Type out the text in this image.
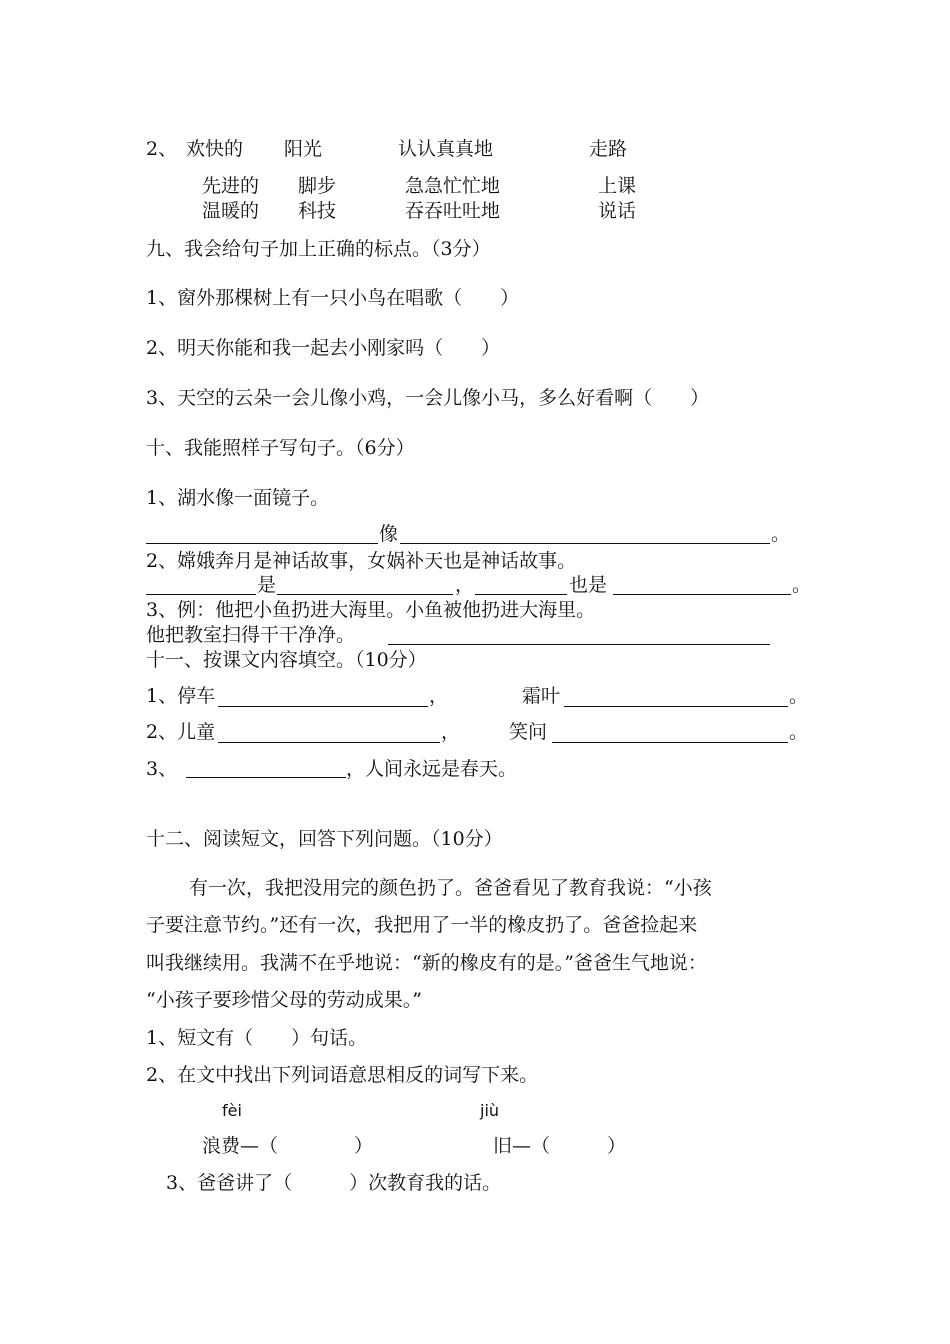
2、 欢快的 阳光	认认真真地	走路
先进的 脚步	急急忙忙地	上课
温暖的 科技	吞吞吐吐地	说话
九、我会给句子加上正确的标点。（3分）
1、窗外那棵树上有一只小鸟在唱歌（　　）
2、明天你能和我一起去小刚家吗（　　）
3、天空的云朵一会儿像小鸡，一会儿像小马，多么好看啊（　　）
十、我能照样子写句子。（6分）
1、湖水像一面镜子。
像	。
2、嫦娥奔月是神话故事，女娲补天也是神话故事。
是	，	也是	。
3、例：他把小鱼扔进大海里。小鱼被他扔进大海里。
他把教室扫得干干净净。
十一、按课文内容填空。（10分）
1、停车	，	霜叶	。
2、儿童	，	笑问	。
3、	，人间永远是春天。
十二、阅读短文，回答下列问题。（10分）
有一次，我把没用完的颜色扔了。爸爸看见了教育我说：“小孩
子要注意节约。”还有一次，我把用了一半的橡皮扔了。爸爸捡起来
叫我继续用。我满不在乎地说：“新的橡皮有的是。”爸爸生气地说：
“小孩子要珍惜父母的劳动成果。”
1、短文有（　　）句话。
2、在文中找出下列词语意思相反的词写下来。
fèi	jiù
浪费—（　　　　）	旧—（　　　）
3、爸爸讲了（　　　）次教育我的话。
